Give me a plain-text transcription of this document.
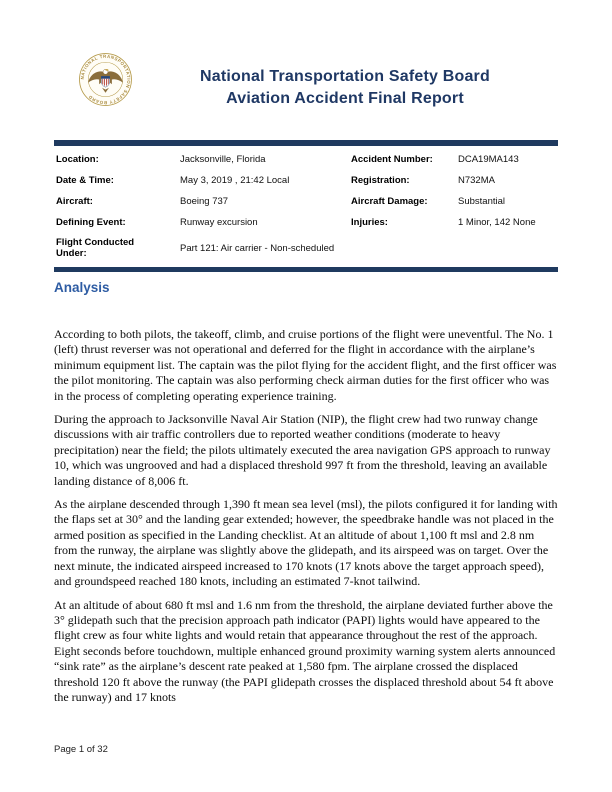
NATIONAL TRANSPORTATION SAFETY BOARD
National Transportation Safety Board
Aviation Accident Final Report
Location:	Jacksonville, Florida	Accident Number:	DCA19MA143
Date & Time:	May 3, 2019 , 21:42 Local	Registration:	N732MA
Aircraft:	Boeing 737	Aircraft Damage:	Substantial
Defining Event:	Runway excursion	Injuries:	1 Minor, 142 None
Flight Conducted Under:	Part 121: Air carrier - Non-scheduled
Analysis

According to both pilots, the takeoff, climb, and cruise portions of the flight were uneventful. The No. 1 (left) thrust reverser was not operational and deferred for the flight in accordance with the airplane’s minimum equipment list. The captain was the pilot flying for the accident flight, and the first officer was the pilot monitoring. The captain was also performing check airman duties for the first officer who was in the process of completing operating experience training.

During the approach to Jacksonville Naval Air Station (NIP), the flight crew had two runway change discussions with air traffic controllers due to reported weather conditions (moderate to heavy precipitation) near the field; the pilots ultimately executed the area navigation GPS approach to runway 10, which was ungrooved and had a displaced threshold 997 ft from the threshold, leaving an available landing distance of 8,006 ft.

As the airplane descended through 1,390 ft mean sea level (msl), the pilots configured it for landing with the flaps set at 30° and the landing gear extended; however, the speedbrake handle was not placed in the armed position as specified in the Landing checklist. At an altitude of about 1,100 ft msl and 2.8 nm from the runway, the airplane was slightly above the glidepath, and its airspeed was on target. Over the next minute, the indicated airspeed increased to 170 knots (17 knots above the target approach speed), and groundspeed reached 180 knots, including an estimated 7-knot tailwind.

At an altitude of about 680 ft msl and 1.6 nm from the threshold, the airplane deviated further above the 3° glidepath such that the precision approach path indicator (PAPI) lights would have appeared to the flight crew as four white lights and would retain that appearance throughout the rest of the approach. Eight seconds before touchdown, multiple enhanced ground proximity warning system alerts announced “sink rate” as the airplane’s descent rate peaked at 1,580 fpm. The airplane crossed the displaced threshold 120 ft above the runway (the PAPI glidepath crosses the displaced threshold about 54 ft above the runway) and 17 knots

Page 1 of 32
